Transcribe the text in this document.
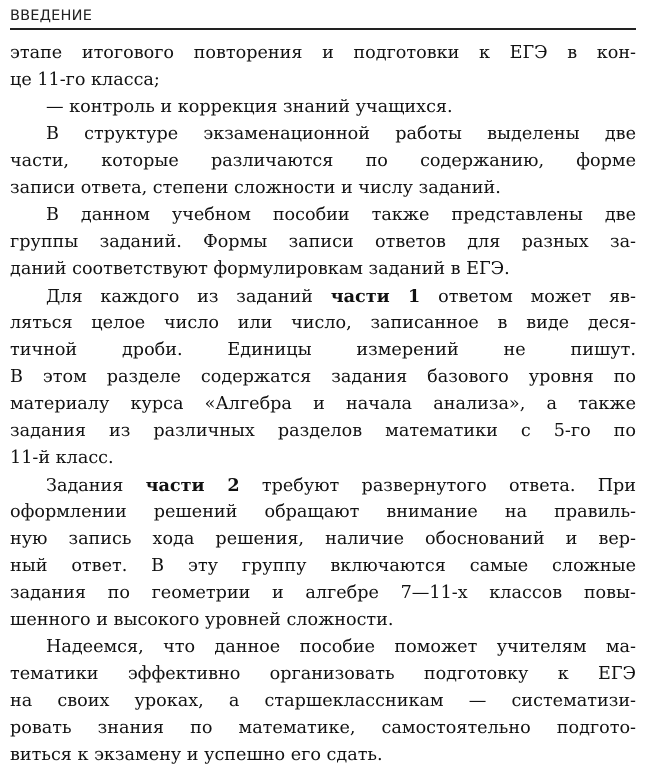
ВВЕДЕНИЕ
этапе итогового повторения и подготовки к ЕГЭ в кон-
це 11-го класса;
— контроль и коррекция знаний учащихся.
В структуре экзаменационной работы выделены две
части, которые различаются по содержанию, форме
записи ответа, степени сложности и числу заданий.
В данном учебном пособии также представлены две
группы заданий. Формы записи ответов для разных за-
даний соответствуют формулировкам заданий в ЕГЭ.
Для каждого из заданий части 1 ответом может яв-
ляться целое число или число, записанное в виде деся-
тичной дроби. Единицы измерений не пишут.
В этом разделе содержатся задания базового уровня по
материалу курса «Алгебра и начала анализа», а также
задания из различных разделов математики с 5-го по
11-й класс.
Задания части 2 требуют развернутого ответа. При
оформлении решений обращают внимание на правиль-
ную запись хода решения, наличие обоснований и вер-
ный ответ. В эту группу включаются самые сложные
задания по геометрии и алгебре 7—11-х классов повы-
шенного и высокого уровней сложности.
Надеемся, что данное пособие поможет учителям ма-
тематики эффективно организовать подготовку к ЕГЭ
на своих уроках, а старшеклассникам — систематизи-
ровать знания по математике, самостоятельно подгото-
виться к экзамену и успешно его сдать.
